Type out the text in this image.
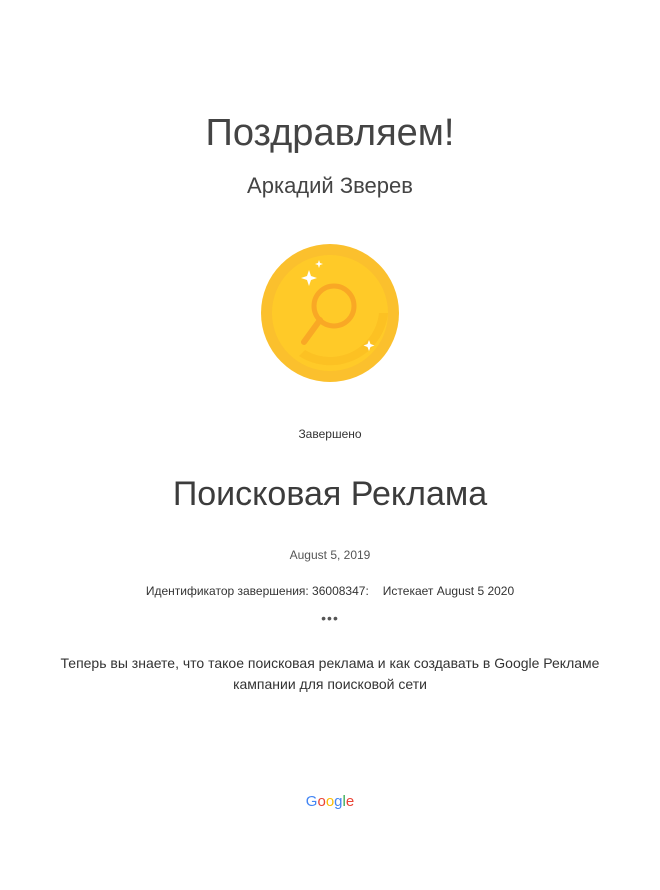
Поздравляем!
Аркадий Зверев
Завершено
Поисковая Реклама
August 5, 2019
Идентификатор завершения: 36008347: Истекает August 5 2020
•••
Теперь вы знаете, что такое поисковая реклама и как создавать в Google Рекламе
кампании для поисковой сети
Google
